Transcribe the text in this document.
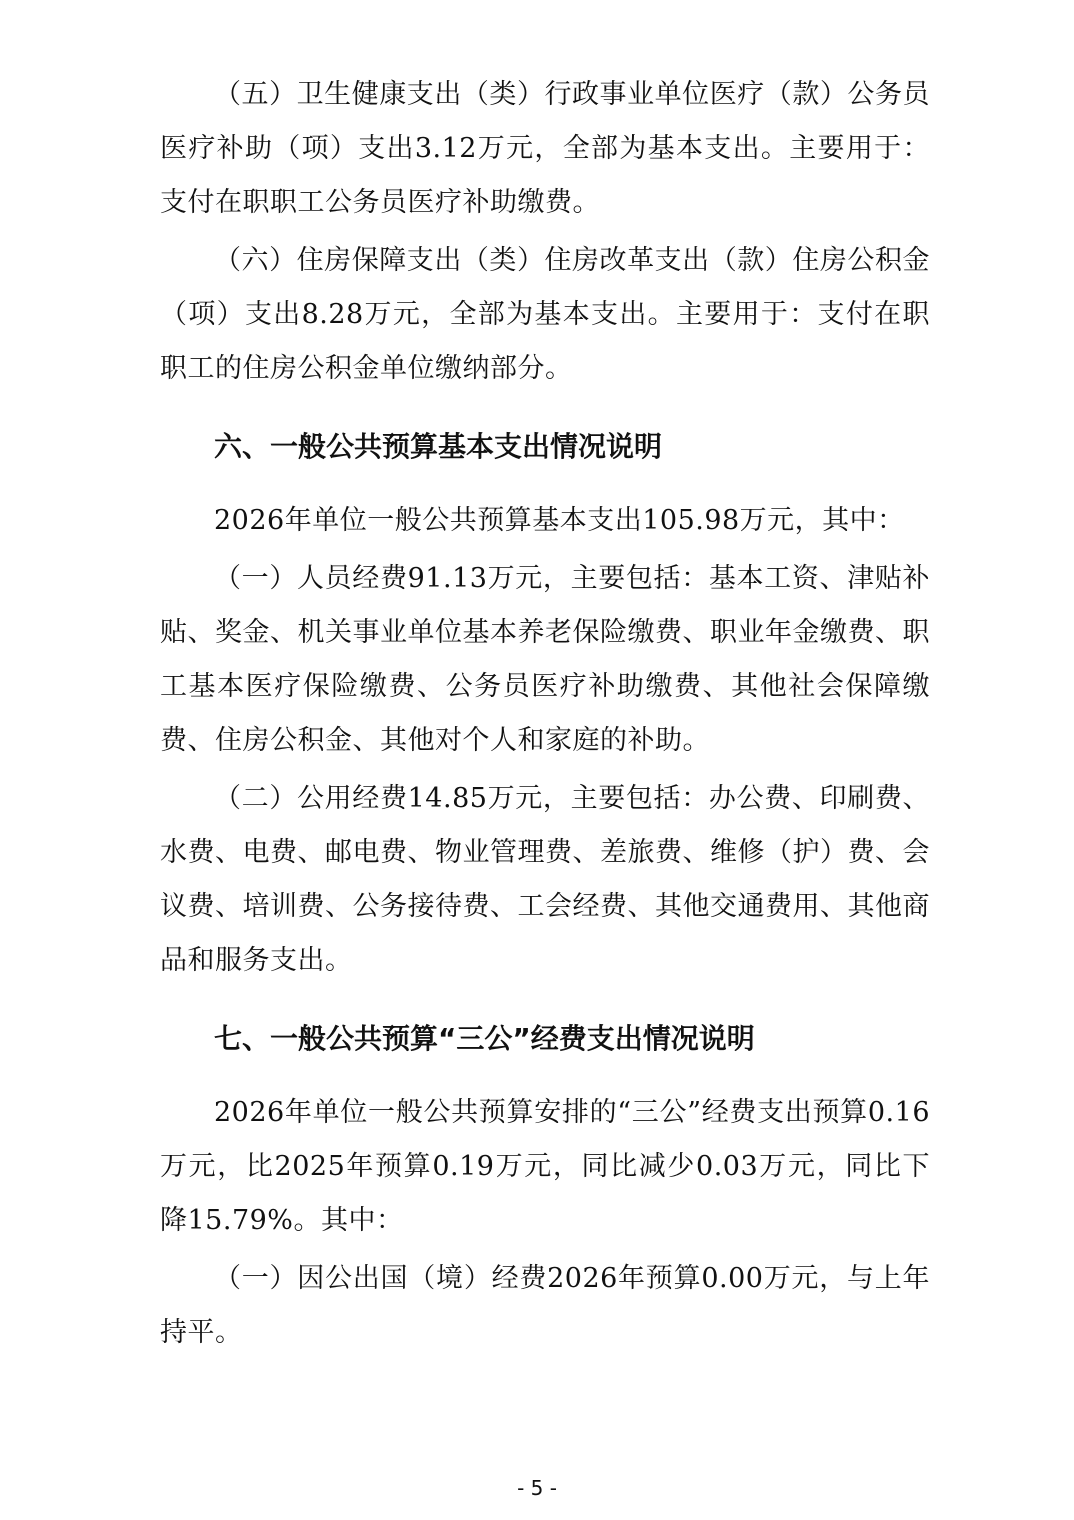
（五）卫生健康支出（类）行政事业单位医疗（款）公务员医疗补助（项）支出3.12万元，全部为基本支出。主要用于：支付在职职工公务员医疗补助缴费。

（六）住房保障支出（类）住房改革支出（款）住房公积金（项）支出8.28万元，全部为基本支出。主要用于：支付在职职工的住房公积金单位缴纳部分。

六、一般公共预算基本支出情况说明

2026年单位一般公共预算基本支出105.98万元，其中：

（一）人员经费91.13万元，主要包括：基本工资、津贴补贴、奖金、机关事业单位基本养老保险缴费、职业年金缴费、职工基本医疗保险缴费、公务员医疗补助缴费、其他社会保障缴费、住房公积金、其他对个人和家庭的补助。

（二）公用经费14.85万元，主要包括：办公费、印刷费、水费、电费、邮电费、物业管理费、差旅费、维修（护）费、会议费、培训费、公务接待费、工会经费、其他交通费用、其他商品和服务支出。

七、一般公共预算“三公”经费支出情况说明

2026年单位一般公共预算安排的“三公”经费支出预算0.16万元，比2025年预算0.19万元，同比减少0.03万元，同比下降15.79%。其中：

（一）因公出国（境）经费2026年预算0.00万元，与上年持平。

- 5 -
